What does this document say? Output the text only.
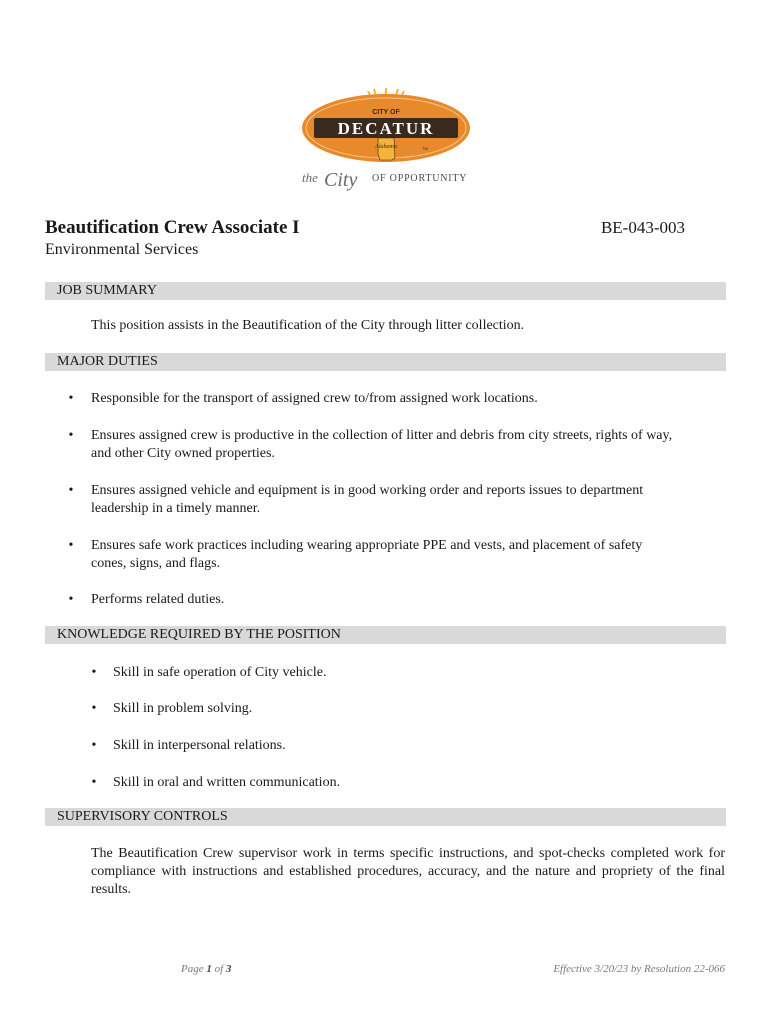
CITY OF
DECATUR
Alabama	TM
the City OF OPPORTUNITY
Beautification Crew Associate I	BE-043-003
Environmental Services
JOB SUMMARY
This position assists in the Beautification of the City through litter collection.
MAJOR DUTIES
• Responsible for the transport of assigned crew to/from assigned work locations.
• Ensures assigned crew is productive in the collection of litter and debris from city streets, rights of way,
and other City owned properties.
• Ensures assigned vehicle and equipment is in good working order and reports issues to department
leadership in a timely manner.
• Ensures safe work practices including wearing appropriate PPE and vests, and placement of safety
cones, signs, and flags.
• Performs related duties.
KNOWLEDGE REQUIRED BY THE POSITION
• Skill in safe operation of City vehicle.
• Skill in problem solving.
• Skill in interpersonal relations.
• Skill in oral and written communication.
SUPERVISORY CONTROLS
The Beautification Crew supervisor work in terms specific instructions, and spot-checks completed work for compliance with instructions and established procedures, accuracy, and the nature and propriety of the final results.
Page 1 of 3	Effective 3/20/23 by Resolution 22-066
